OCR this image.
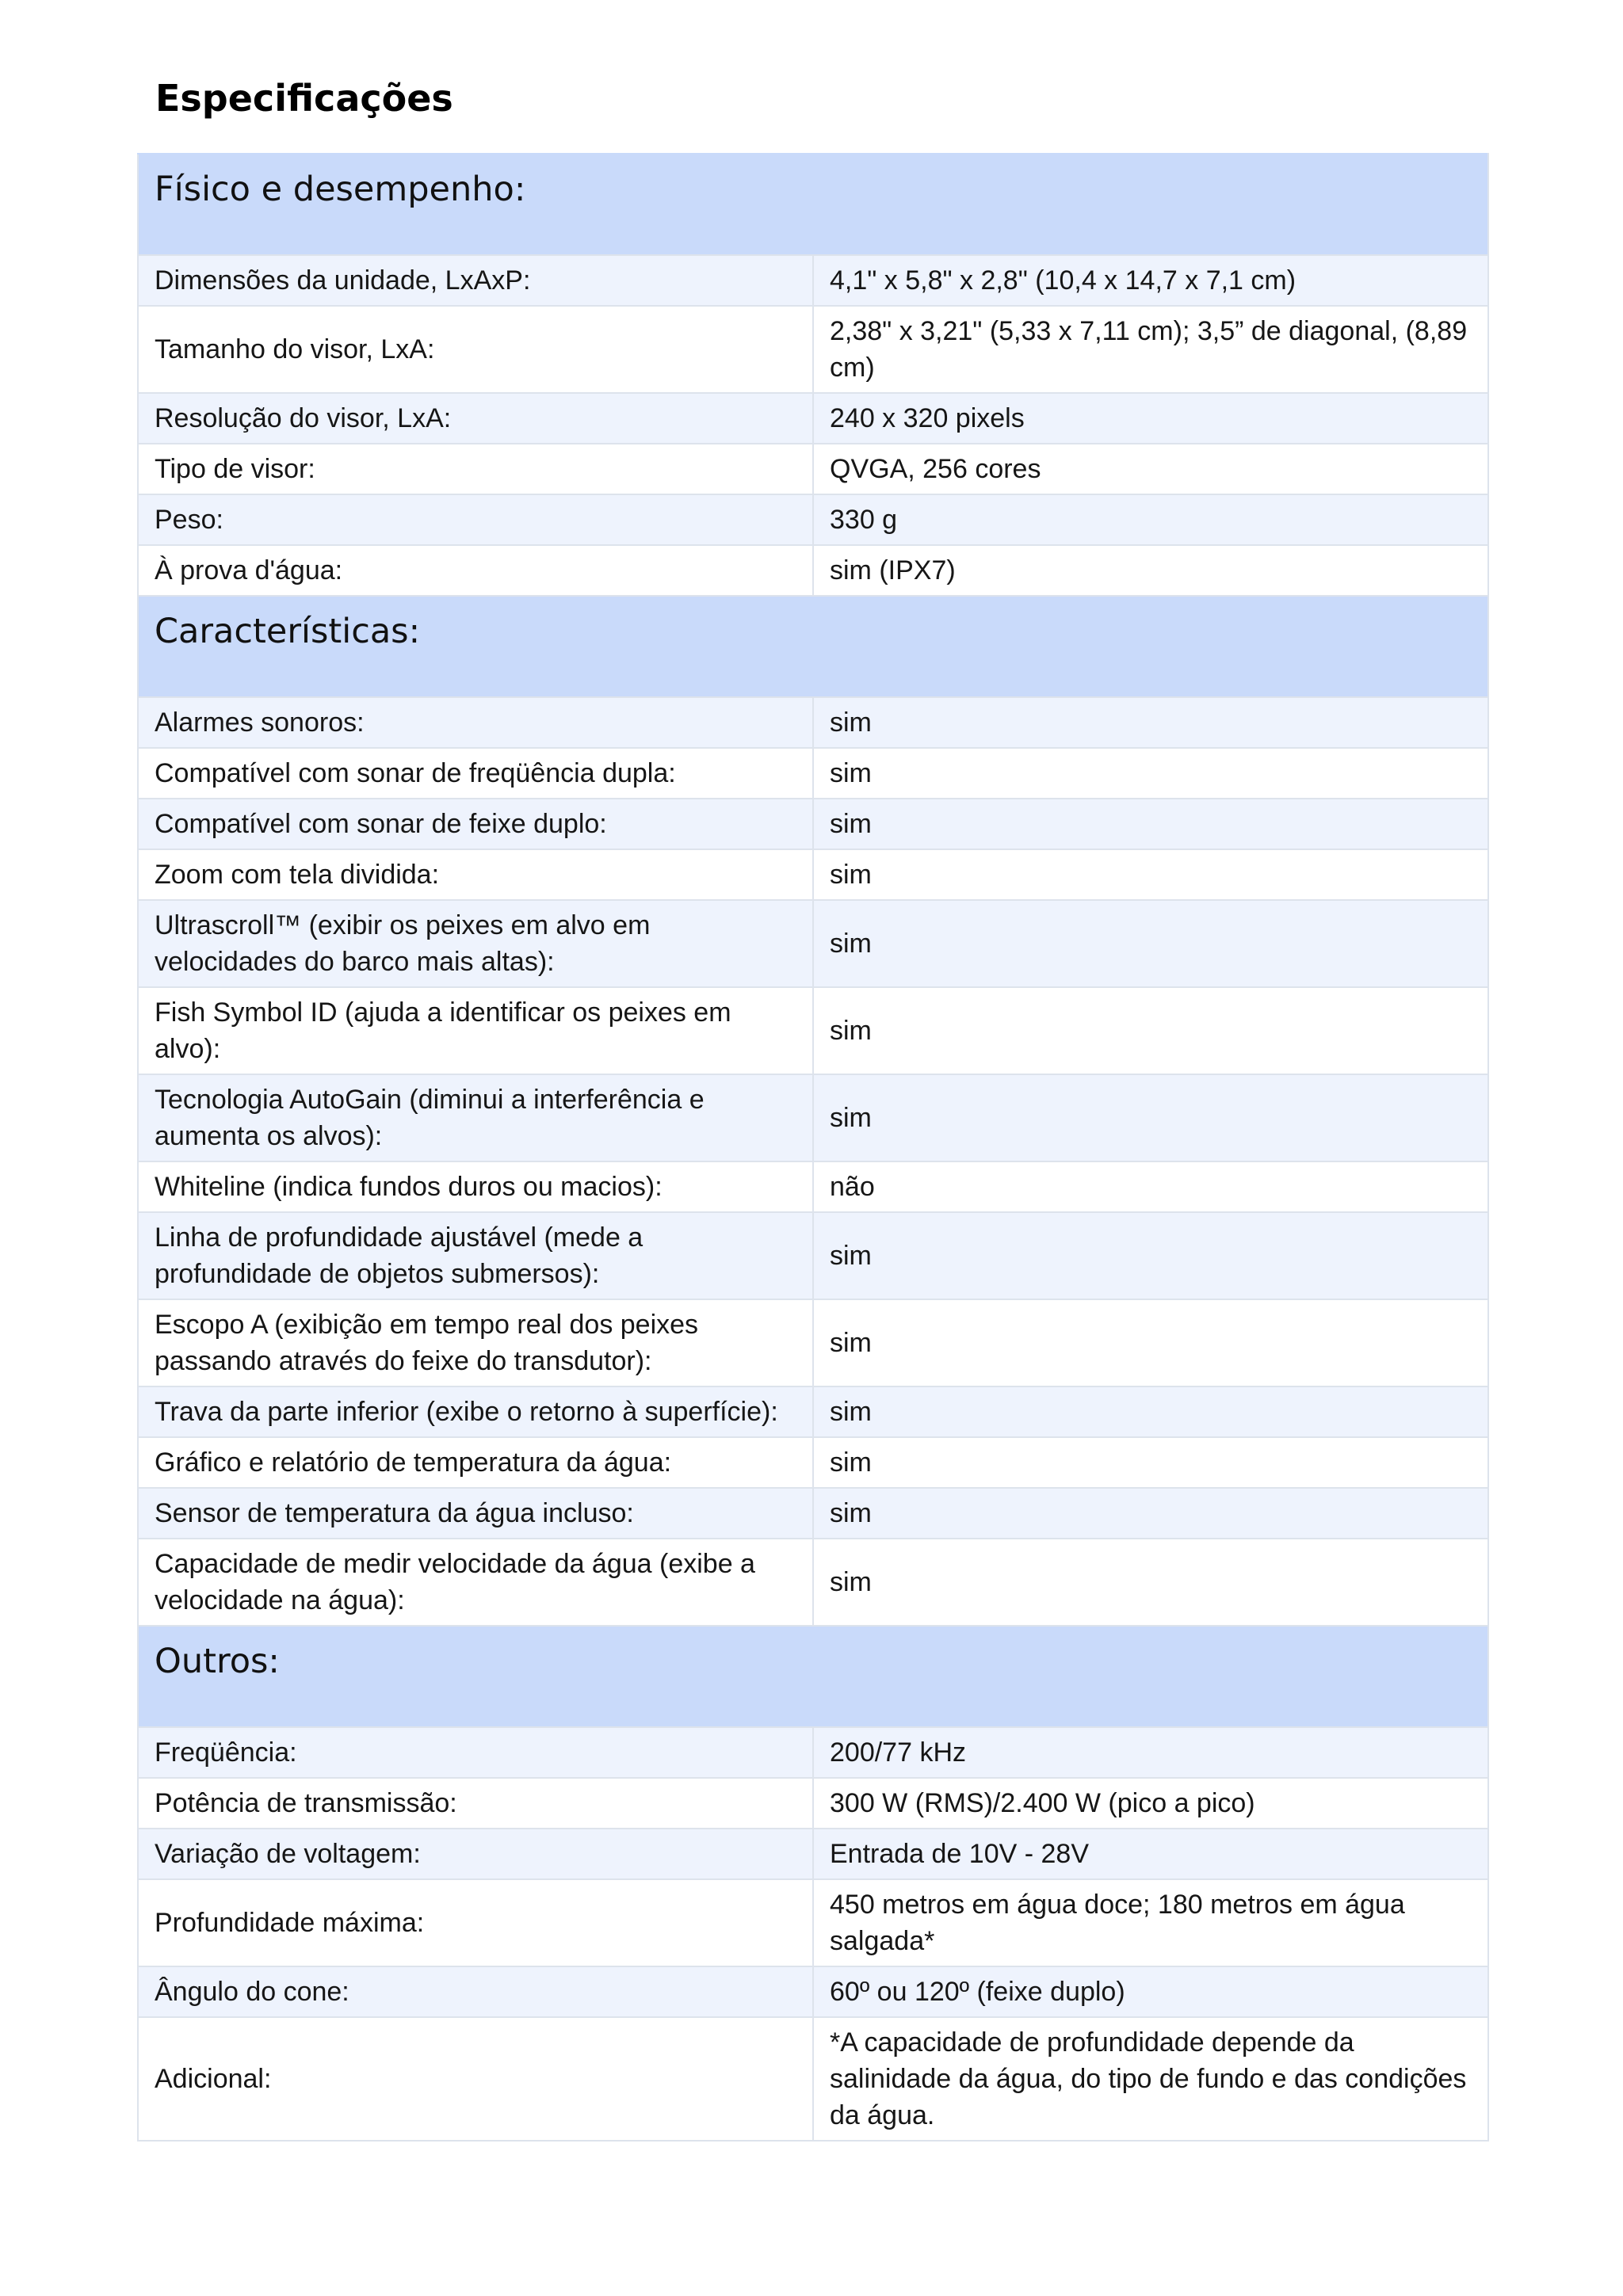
Especificações
Físico e desempenho:	
Dimensões da unidade, LxAxP:	4,1" x 5,8" x 2,8" (10,4 x 14,7 x 7,1 cm)
Tamanho do visor, LxA:	2,38" x 3,21" (5,33 x 7,11 cm); 3,5” de diagonal, (8,89 cm)
Resolução do visor, LxA:	240 x 320 pixels
Tipo de visor:	QVGA, 256 cores
Peso:	330 g
À prova d'água:	sim (IPX7)
Características:	
Alarmes sonoros:	sim
Compatível com sonar de freqüência dupla:	sim
Compatível com sonar de feixe duplo:	sim
Zoom com tela dividida:	sim
Ultrascroll™ (exibir os peixes em alvo em velocidades do barco mais altas):	sim
Fish Symbol ID (ajuda a identificar os peixes em alvo):	sim
Tecnologia AutoGain (diminui a interferência e aumenta os alvos):	sim
Whiteline (indica fundos duros ou macios):	não
Linha de profundidade ajustável (mede a profundidade de objetos submersos):	sim
Escopo A (exibição em tempo real dos peixes passando através do feixe do transdutor):	sim
Trava da parte inferior (exibe o retorno à superfície):	sim
Gráfico e relatório de temperatura da água:	sim
Sensor de temperatura da água incluso:	sim
Capacidade de medir velocidade da água (exibe a velocidade na água):	sim
Outros:	
Freqüência:	200/77 kHz
Potência de transmissão:	300 W (RMS)/2.400 W (pico a pico)
Variação de voltagem:	Entrada de 10V - 28V
Profundidade máxima:	450 metros em água doce; 180 metros em água salgada*
Ângulo do cone:	60º ou 120º (feixe duplo)
Adicional:	*A capacidade de profundidade depende da salinidade da água, do tipo de fundo e das condições da água.
